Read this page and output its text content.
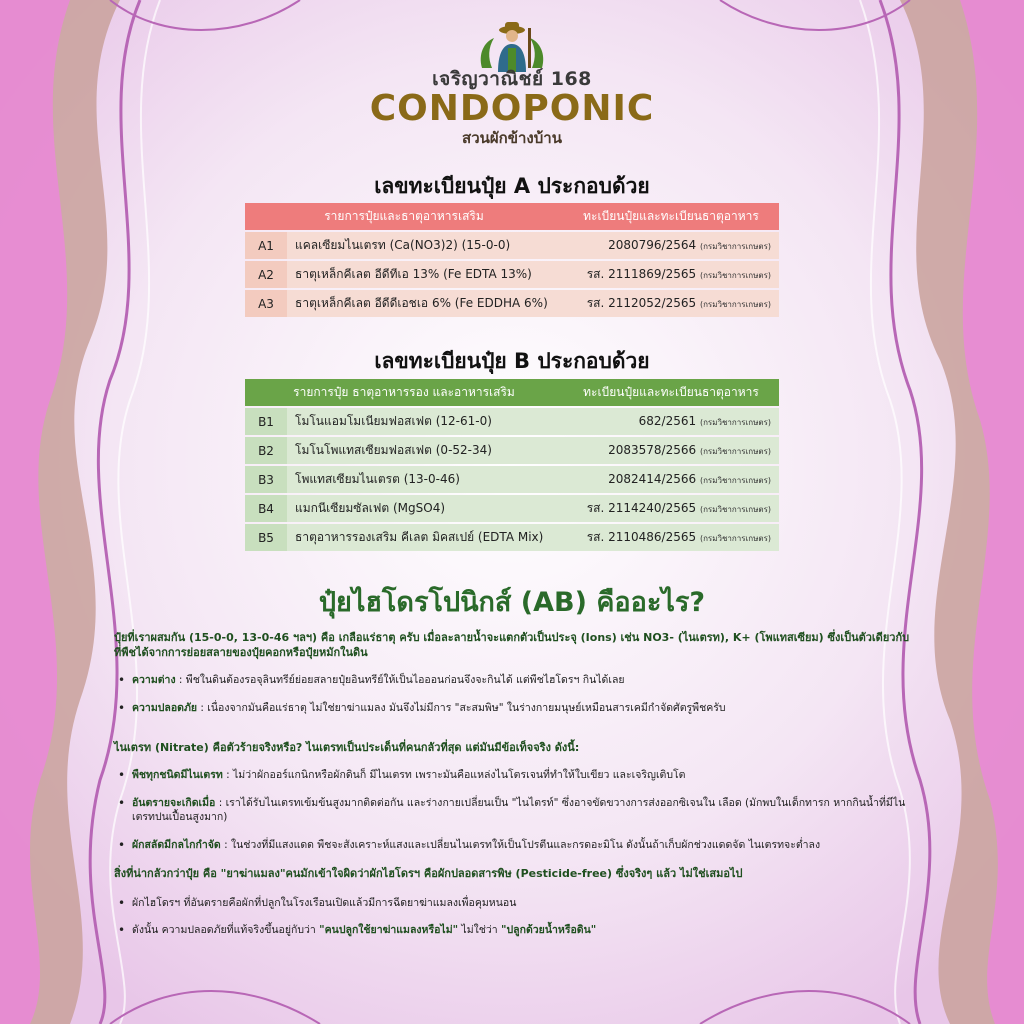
เจริญวาณิชย์ 168
CONDOPONIC
สวนผักข้างบ้าน
เลขทะเบียนปุ๋ย A ประกอบด้วย
รายการปุ๋ยและธาตุอาหารเสริม		ทะเบียนปุ๋ยและทะเบียนธาตุอาหาร
A1	แคลเซียมไนเตรท (Ca(NO3)2) (15-0-0)	2080796/2564 (กรมวิชาการเกษตร)
A2	ธาตุเหล็กคีเลต อีดีทีเอ 13% (Fe EDTA 13%)	รส. 2111869/2565 (กรมวิชาการเกษตร)
A3	ธาตุเหล็กคีเลต อีดีดีเอชเอ 6% (Fe EDDHA 6%)	รส. 2112052/2565 (กรมวิชาการเกษตร)
เลขทะเบียนปุ๋ย B ประกอบด้วย
รายการปุ๋ย ธาตุอาหารรอง และอาหารเสริม		ทะเบียนปุ๋ยและทะเบียนธาตุอาหาร
B1	โมโนแอมโมเนียมฟอสเฟต (12-61-0)	682/2561 (กรมวิชาการเกษตร)
B2	โมโนโพแทสเซียมฟอสเฟต (0-52-34)	2083578/2566 (กรมวิชาการเกษตร)
B3	โพแทสเซียมไนเตรต (13-0-46)	2082414/2566 (กรมวิชาการเกษตร)
B4	แมกนีเซียมซัลเฟต (MgSO4)	รส. 2114240/2565 (กรมวิชาการเกษตร)
B5	ธาตุอาหารรองเสริม คีเลต มิคสเปย์ (EDTA Mix)	รส. 2110486/2565 (กรมวิชาการเกษตร)
ปุ๋ยไฮโดรโปนิกส์ (AB) คืออะไร?
ปุ๋ยที่เราผสมกัน (15-0-0, 13-0-46 ฯลฯ) คือ เกลือแร่ธาตุ ครับ เมื่อละลายน้ำจะแตกตัวเป็นประจุ (Ions) เช่น NO3- (ไนเตรท), K+ (โพแทสเซียม) ซึ่งเป็นตัวเดียวกับที่พืชได้จากการย่อยสลายของปุ๋ยคอกหรือปุ๋ยหมักในดิน
• ความต่าง : พืชในดินต้องรอจุลินทรีย์ย่อยสลายปุ๋ยอินทรีย์ให้เป็นไอออนก่อนจึงจะกินได้ แต่พืชไฮโดรฯ กินได้เลย
• ความปลอดภัย : เนื่องจากมันคือแร่ธาตุ ไม่ใช่ยาฆ่าแมลง มันจึงไม่มีการ "สะสมพิษ" ในร่างกายมนุษย์เหมือนสารเคมีกำจัดศัตรูพืชครับ
ไนเตรท (Nitrate) คือตัวร้ายจริงหรือ? ไนเตรทเป็นประเด็นที่คนกลัวที่สุด แต่มันมีข้อเท็จจริง ดังนี้:
• พืชทุกชนิดมีไนเตรท : ไม่ว่าผักออร์แกนิกหรือผักดินก็ มีไนเตรท เพราะมันคือแหล่งไนโตรเจนที่ทำให้ใบเขียว และเจริญเติบโต
• อันตรายจะเกิดเมื่อ : เราได้รับไนเตรทเข้มข้นสูงมากติดต่อกัน และร่างกายเปลี่ยนเป็น "ไนไตรท์" ซึ่งอาจขัดขวางการส่งออกซิเจนใน เลือด (มักพบในเด็กทารก หากกินน้ำที่มีไนเตรทปนเปื้อนสูงมาก)
• ผักสลัดมีกลไกกำจัด : ในช่วงที่มีแสงแดด พืชจะสังเคราะห์แสงและเปลี่ยนไนเตรทให้เป็นโปรตีนและกรดอะมิโน ดังนั้นถ้าเก็บผักช่วงแดดจัด ไนเตรทจะต่ำลง
สิ่งที่น่ากลัวกว่าปุ๋ย คือ "ยาฆ่าแมลง"คนมักเข้าใจผิดว่าผักไฮโดรฯ คือผักปลอดสารพิษ (Pesticide-free) ซึ่งจริงๆ แล้ว ไม่ใช่เสมอไป
• ผักไฮโดรฯ ที่อันตรายคือผักที่ปลูกในโรงเรือนเปิดแล้วมีการฉีดยาฆ่าแมลงเพื่อคุมหนอน
• ดังนั้น ความปลอดภัยที่แท้จริงขึ้นอยู่กับว่า "คนปลูกใช้ยาฆ่าแมลงหรือไม่" ไม่ใช่ว่า "ปลูกด้วยน้ำหรือดิน"
